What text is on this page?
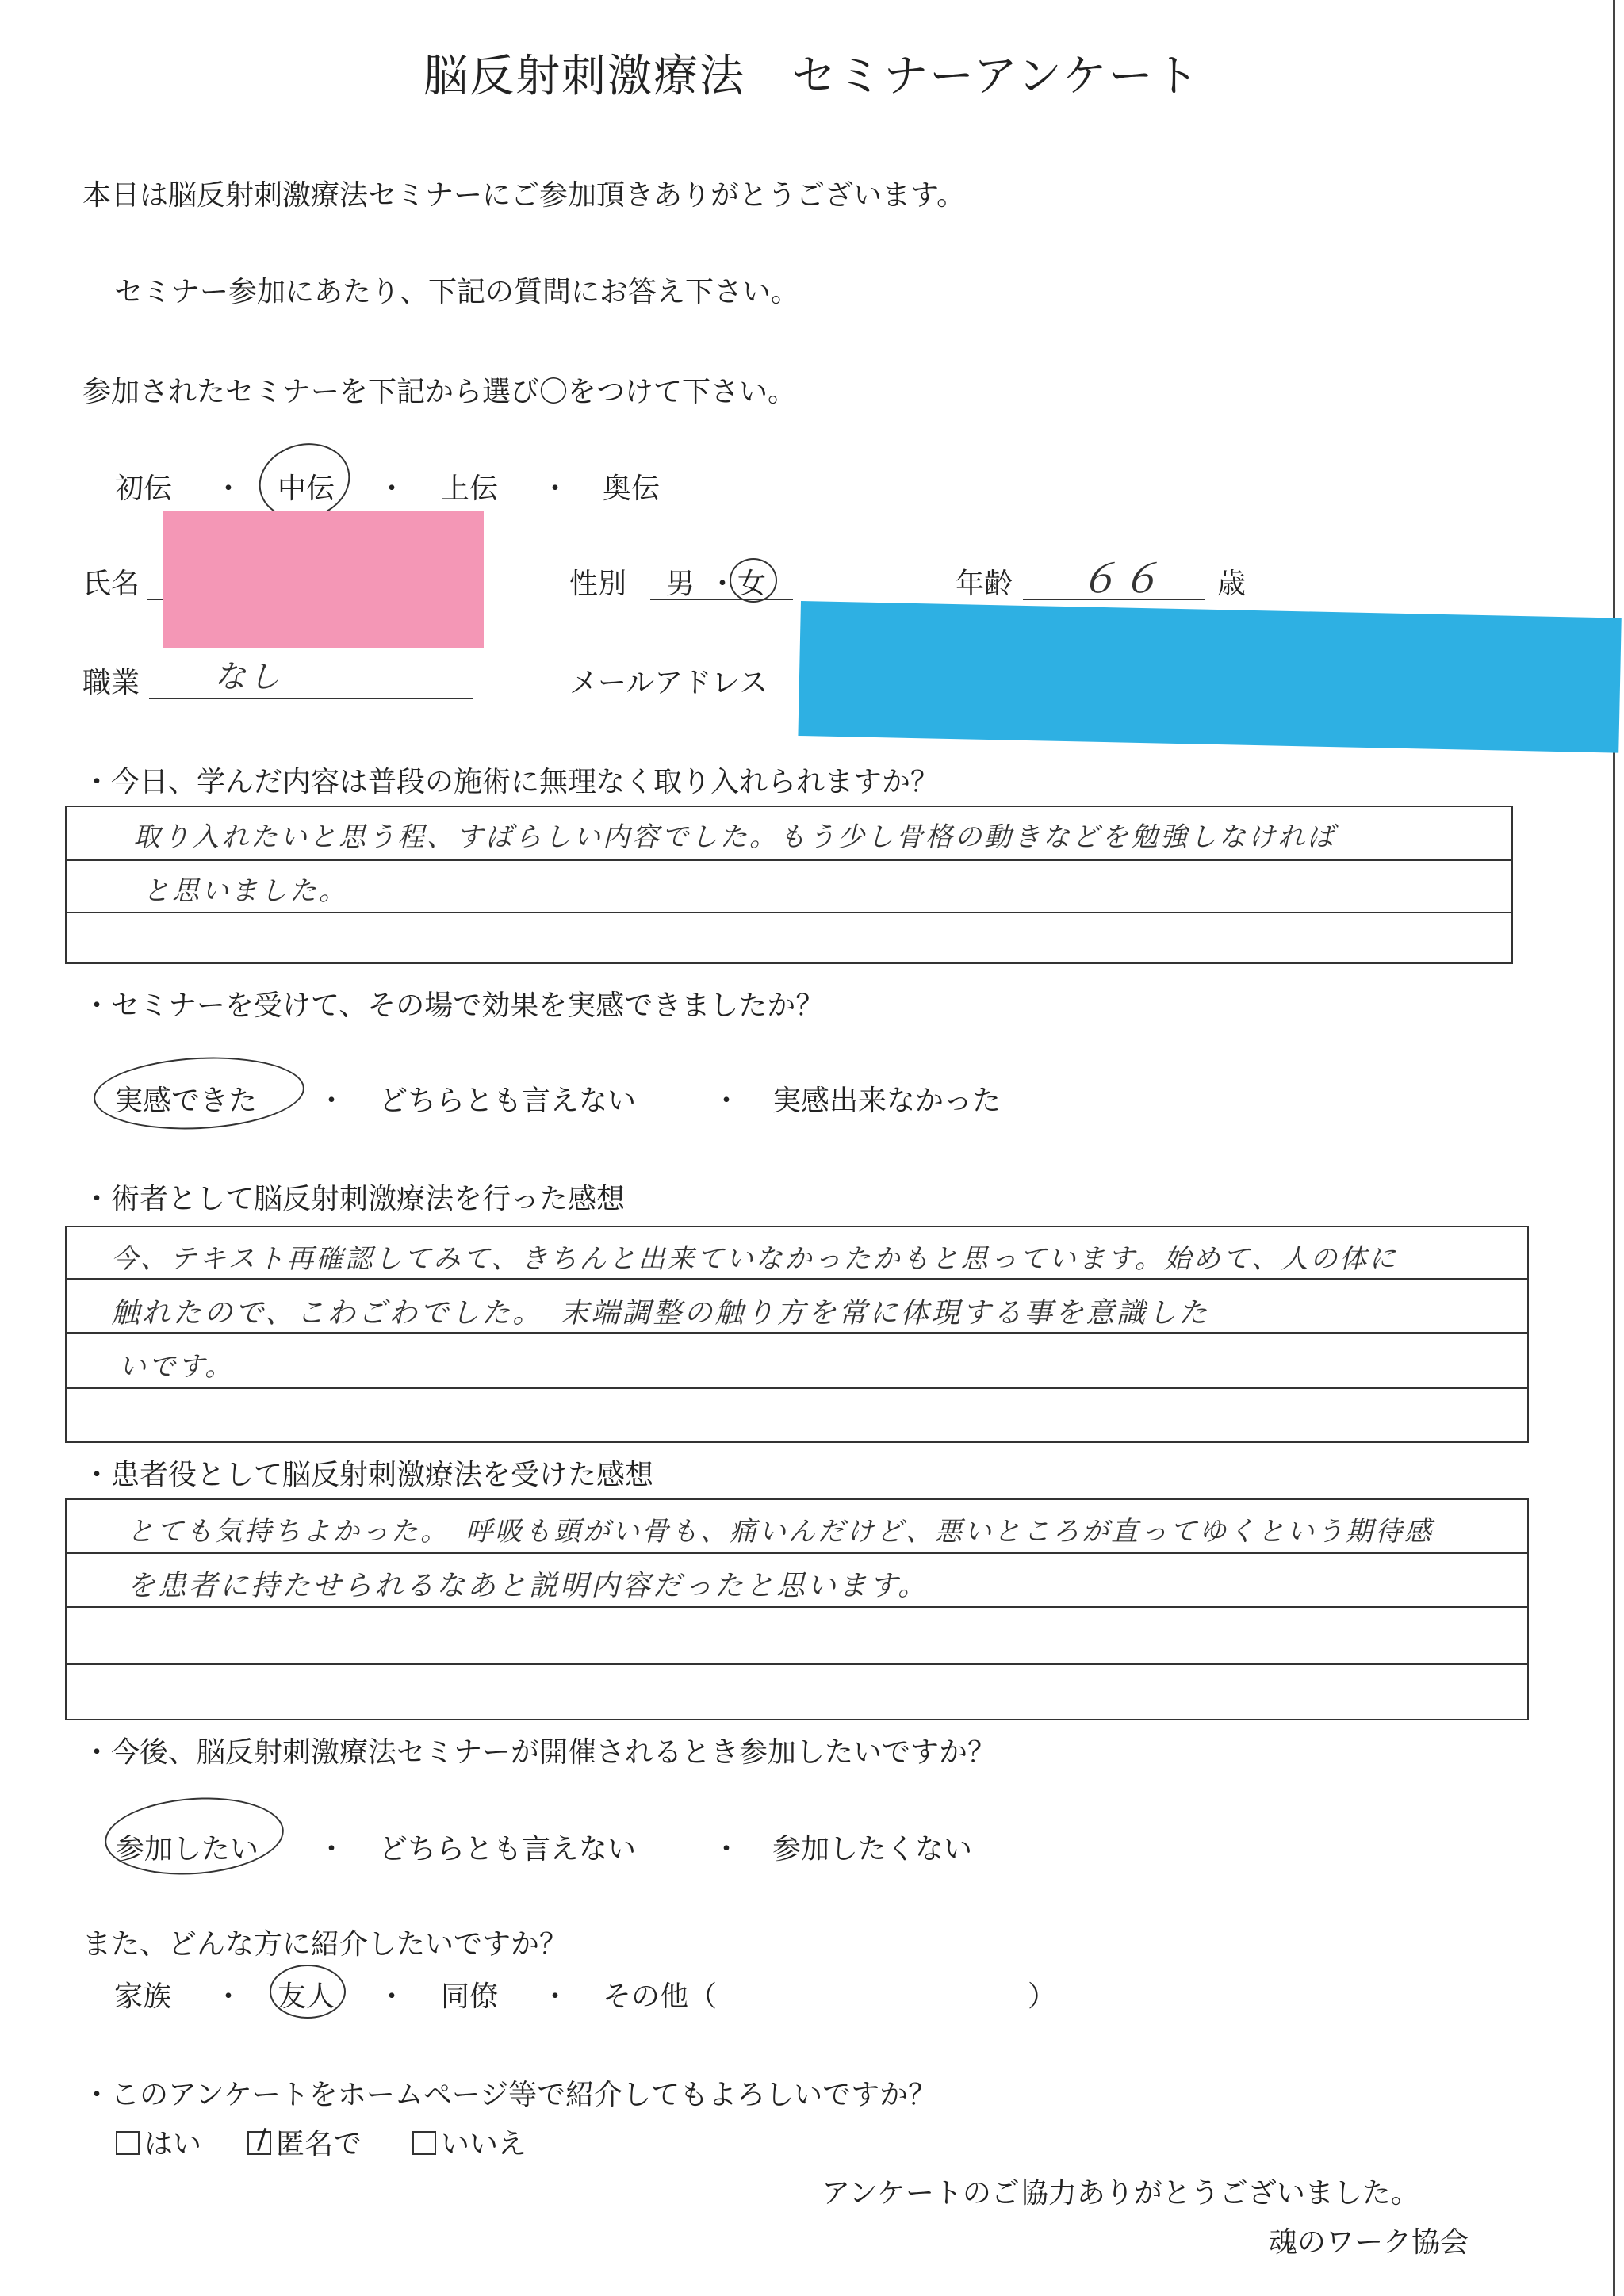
脳反射刺激療法　セミナーアンケート
本日は脳反射刺激療法セミナーにご参加頂きありがとうございます。
セミナー参加にあたり、下記の質問にお答え下さい。
参加されたセミナーを下記から選び〇をつけて下さい。
初伝 ・ 中伝 ・ 上伝 ・ 奥伝
氏名	性別 男 ・ 女	年齢 ６６ 歳
職業 なし	メールアドレス
・今日、学んだ内容は普段の施術に無理なく取り入れられますか？
取り入れたいと思う程、すばらしい内容でした。もう少し骨格の動きなどを勉強しなければ
と思いました。
・セミナーを受けて、その場で効果を実感できましたか？
実感できた ・ どちらとも言えない	・ 実感出来なかった
・術者として脳反射刺激療法を行った感想
今、テキスト再確認してみて、きちんと出来ていなかったかもと思っています。始めて、人の体に
触れたので、こわごわでした。　末端調整の触り方を常に体現する事を意識した
いです。
・患者役として脳反射刺激療法を受けた感想
とても気持ちよかった。　呼吸も頭がい骨も、痛いんだけど、悪いところが直ってゆくという期待感
を患者に持たせられるなあと説明内容だったと思います。
・今後、脳反射刺激療法セミナーが開催されるとき参加したいですか？
参加したい ・ どちらとも言えない	・ 参加したくない
また、どんな方に紹介したいですか？
家族 ・ 友人 ・ 同僚 ・ その他（	）
・このアンケートをホームページ等で紹介してもよろしいですか？
はい	匿名で	いいえ
アンケートのご協力ありがとうございました。
魂のワーク協会
